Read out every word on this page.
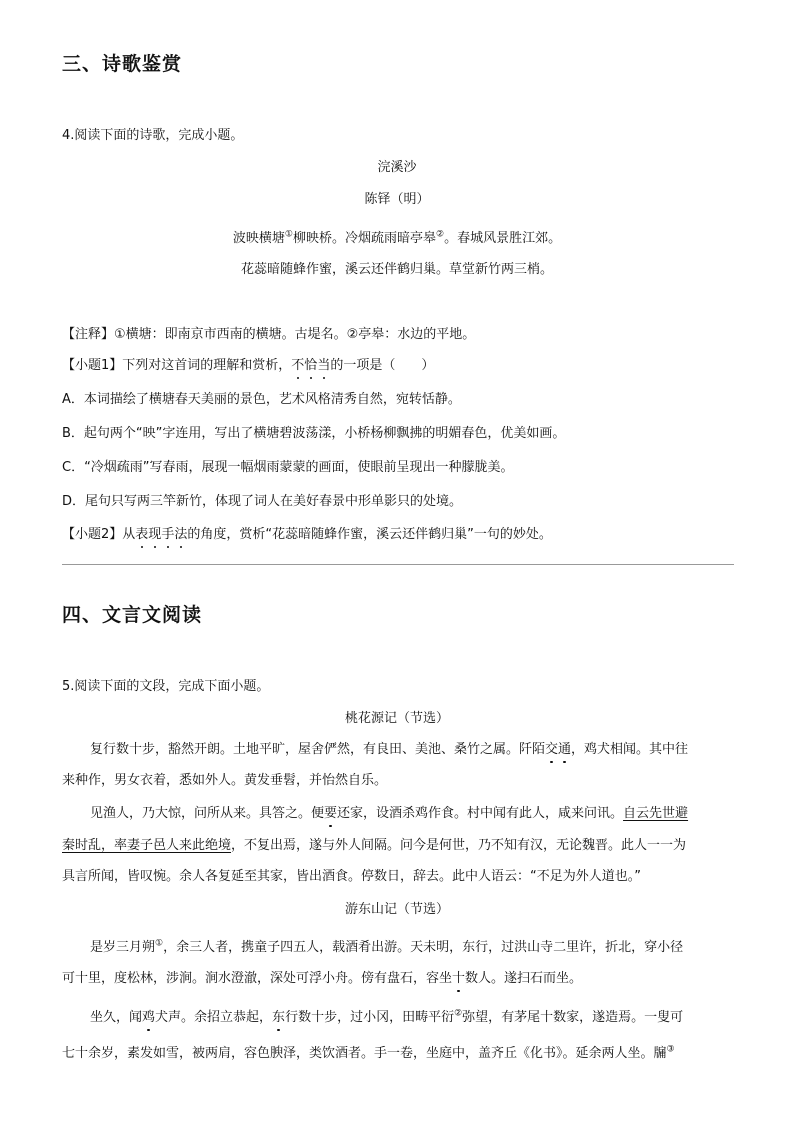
三、诗歌鉴赏
4.阅读下面的诗歌，完成小题。
浣溪沙
陈铎（明）
波映横塘①柳映桥。冷烟疏雨暗亭皋②。春城风景胜江郊。
花蕊暗随蜂作蜜，溪云还伴鹤归巢。草堂新竹两三梢。
【注释】①横塘：即南京市西南的横塘。古堤名。②亭皋：水边的平地。
【小题1】下列对这首词的理解和赏析，不恰当的一项是（　　）
A．本词描绘了横塘春天美丽的景色，艺术风格清秀自然，宛转恬静。
B．起句两个“映”字连用，写出了横塘碧波荡漾，小桥杨柳飘拂的明媚春色，优美如画。
C．“冷烟疏雨”写春雨，展现一幅烟雨蒙蒙的画面，使眼前呈现出一种朦胧美。
D．尾句只写两三竿新竹，体现了词人在美好春景中形单影只的处境。
【小题2】从表现手法的角度，赏析“花蕊暗随蜂作蜜，溪云还伴鹤归巢”一句的妙处。
四、文言文阅读
5.阅读下面的文段，完成下面小题。
桃花源记（节选）
复行数十步，豁然开朗。土地平旷，屋舍俨然，有良田、美池、桑竹之属。阡陌交通，鸡犬相闻。其中往
来种作，男女衣着，悉如外人。黄发垂髫，并怡然自乐。
见渔人，乃大惊，问所从来。具答之。便要还家，设酒杀鸡作食。村中闻有此人，咸来问讯。自云先世避
秦时乱，率妻子邑人来此绝境，不复出焉，遂与外人间隔。问今是何世，乃不知有汉，无论魏晋。此人一一为
具言所闻，皆叹惋。余人各复延至其家，皆出酒食。停数日，辞去。此中人语云：“不足为外人道也。”
游东山记（节选）
是岁三月朔①，余三人者，携童子四五人，载酒肴出游。天未明，东行，过洪山寺二里许，折北，穿小径
可十里，度松林，涉涧。涧水澄澈，深处可浮小舟。傍有盘石，容坐十数人。遂扫石而坐。
坐久，闻鸡犬声。余招立恭起，东行数十步，过小冈，田畴平衍②弥望，有茅尾十数家，遂造焉。一叟可
七十余岁，素发如雪，被两肩，容色腴泽，类饮酒者。手一卷，坐庭中，盖齐丘《化书》。延余两人坐。牖③
